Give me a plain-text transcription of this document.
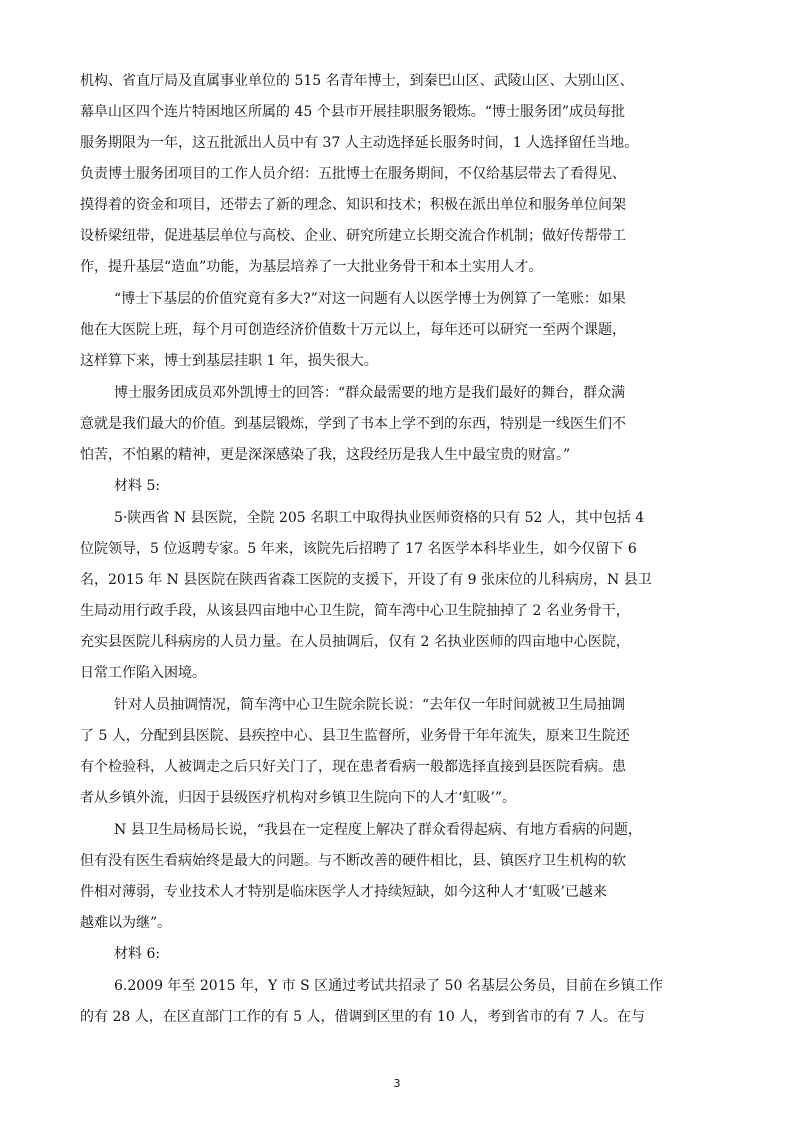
机构、省直厅局及直属事业单位的 515 名青年博士，到秦巴山区、武陵山区、大别山区、
幕阜山区四个连片特困地区所属的 45 个县市开展挂职服务锻炼。“博士服务团”成员每批
服务期限为一年，这五批派出人员中有 37 人主动选择延长服务时间，1 人选择留任当地。
负责博士服务团项目的工作人员介绍：五批博士在服务期间，不仅给基层带去了看得见、
摸得着的资金和项目，还带去了新的理念、知识和技术；积极在派出单位和服务单位间架
设桥梁纽带，促进基层单位与高校、企业、研究所建立长期交流合作机制；做好传帮带工
作，提升基层“造血”功能，为基层培养了一大批业务骨干和本土实用人才。
“博士下基层的价值究竟有多大?”对这一问题有人以医学博士为例算了一笔账：如果
他在大医院上班，每个月可创造经济价值数十万元以上，每年还可以研究一至两个课题，
这样算下来，博士到基层挂职 1 年，损失很大。
博士服务团成员邓外凯博士的回答：“群众最需要的地方是我们最好的舞台，群众满
意就是我们最大的价值。到基层锻炼，学到了书本上学不到的东西，特别是一线医生们不
怕苦，不怕累的精神，更是深深感染了我，这段经历是我人生中最宝贵的财富。”
材料 5:
5·陕西省 N 县医院，全院 205 名职工中取得执业医师资格的只有 52 人，其中包括 4
位院领导，5 位返聘专家。5 年来，该院先后招聘了 17 名医学本科毕业生，如今仅留下 6
名，2015 年 N 县医院在陕西省森工医院的支援下，开设了有 9 张床位的儿科病房，N 县卫
生局动用行政手段，从该县四亩地中心卫生院，简车湾中心卫生院抽掉了 2 名业务骨干，
充实县医院儿科病房的人员力量。在人员抽调后，仅有 2 名执业医师的四亩地中心医院，
日常工作陷入困境。
针对人员抽调情况，简车湾中心卫生院余院长说：“去年仅一年时间就被卫生局抽调
了 5 人，分配到县医院、县疾控中心、县卫生监督所，业务骨干年年流失，原来卫生院还
有个检验科，人被调走之后只好关门了，现在患者看病一般都选择直接到县医院看病。患
者从乡镇外流，归因于县级医疗机构对乡镇卫生院向下的人才‘虹吸’”。
N 县卫生局杨局长说，“我县在一定程度上解决了群众看得起病、有地方看病的问题，
但有没有医生看病始终是最大的问题。与不断改善的硬件相比，县、镇医疗卫生机构的软
件相对薄弱，专业技术人才特别是临床医学人才持续短缺，如今这种人才‘虹吸’已越来
越难以为继”。
材料 6:
6.2009 年至 2015 年，Y 市 S 区通过考试共招录了 50 名基层公务员，目前在乡镇工作
的有 28 人，在区直部门工作的有 5 人，借调到区里的有 10 人，考到省市的有 7 人。在与
3
